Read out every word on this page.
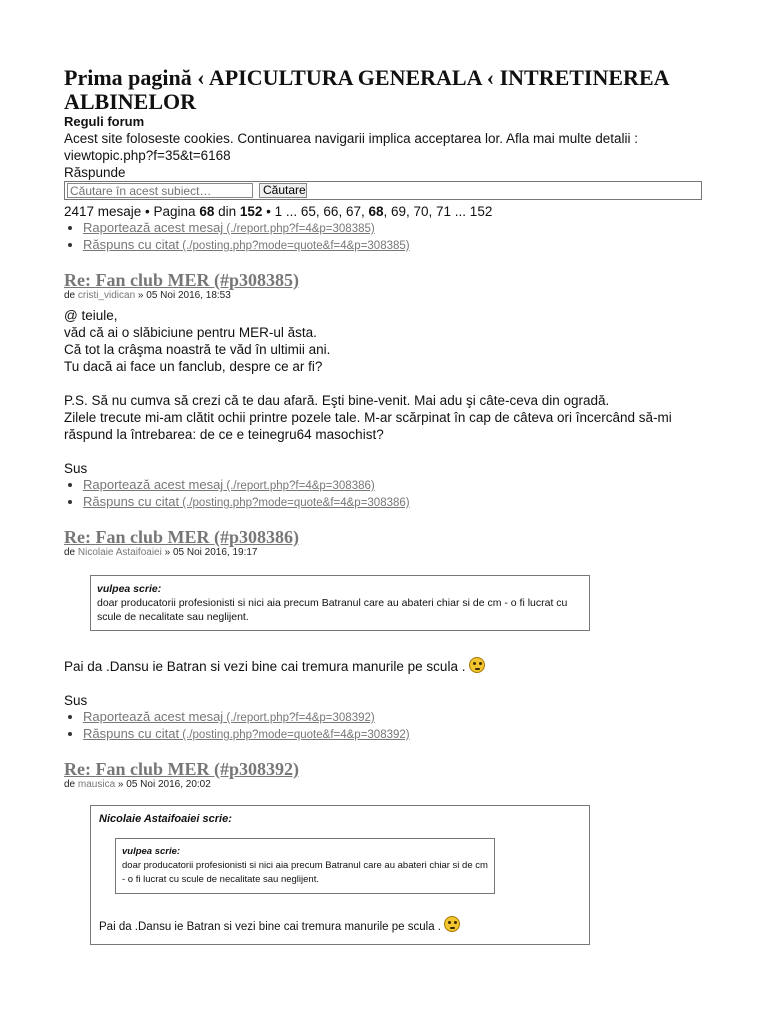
Prima pagină ‹ APICULTURA GENERALA ‹ INTRETINEREA ALBINELOR
Reguli forum
Acest site foloseste cookies. Continuarea navigarii implica acceptarea lor. Afla mai multe detalii : viewtopic.php?f=35&t=6168
Răspunde
Căutare în acest subiect…
Căutare
2417 mesaje • Pagina 68 din 152 • 1 ... 65, 66, 67, 68, 69, 70, 71 ... 152
• Raportează acest mesaj (./report.php?f=4&p=308385)
• Răspuns cu citat (./posting.php?mode=quote&f=4&p=308385)
Re: Fan club MER (#p308385)
de cristi_vidican » 05 Noi 2016, 18:53

@ teiule,

văd că ai o slăbiciune pentru MER-ul ăsta.

Că tot la crâşma noastră te văd în ultimii ani.

Tu dacă ai face un fanclub, despre ce ar fi?

P.S. Să nu cumva să crezi că te dau afară. Eşti bine-venit. Mai adu şi câte-ceva din ogradă.

Zilele trecute mi-am clătit ochii printre pozele tale. M-ar scărpinat în cap de câteva ori încercând să-mi răspund la întrebarea: de ce e teinegru64 masochist?

Sus

• Raportează acest mesaj (./report.php?f=4&p=308386)
• Răspuns cu citat (./posting.php?mode=quote&f=4&p=308386)
Re: Fan club MER (#p308386)
de Nicolaie Astaifoaiei » 05 Noi 2016, 19:17
vulpea scrie:
doar producatorii profesionisti si nici aia precum Batranul care au abateri chiar si de cm - o fi lucrat cu scule de necalitate sau neglijent.

Pai da .Dansu ie Batran si vezi bine cai tremura manurile pe scula .

Sus

• Raportează acest mesaj (./report.php?f=4&p=308392)
• Răspuns cu citat (./posting.php?mode=quote&f=4&p=308392)
Re: Fan club MER (#p308392)
de mausica » 05 Noi 2016, 20:02
Nicolaie Astaifoaiei scrie:
vulpea scrie:
doar producatorii profesionisti si nici aia precum Batranul care au abateri chiar si de cm - o fi lucrat cu scule de necalitate sau neglijent.
Pai da .Dansu ie Batran si vezi bine cai tremura manurile pe scula .
